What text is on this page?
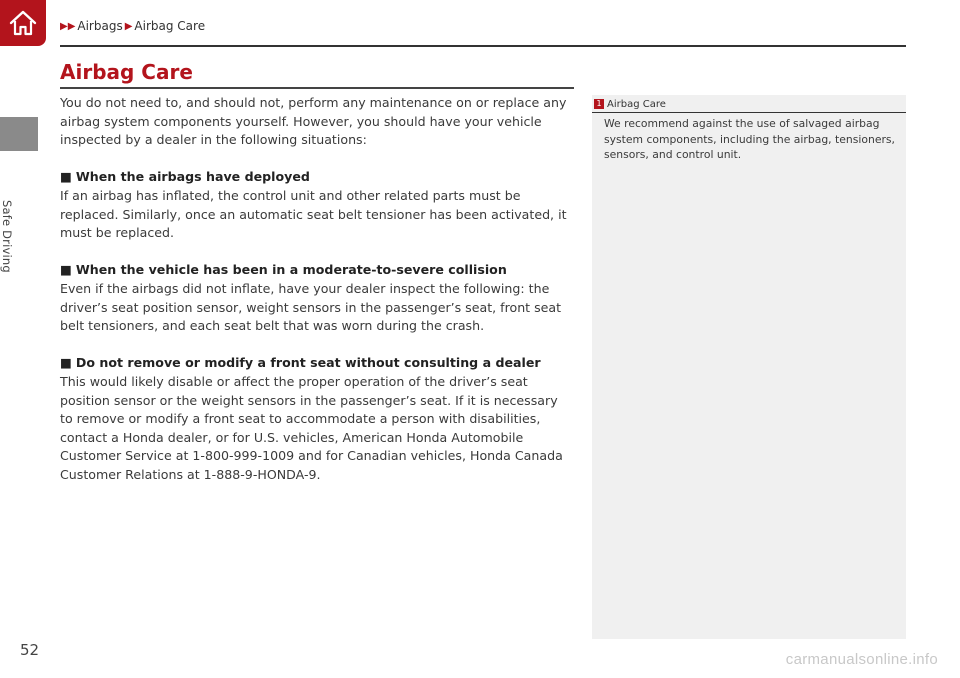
Safe Driving
▶▶ Airbags ▶ Airbag Care
Airbag Care

You do not need to, and should not, perform any maintenance on or replace any airbag system components yourself. However, you should have your vehicle inspected by a dealer in the following situations:

■ When the airbags have deployed

If an airbag has inflated, the control unit and other related parts must be replaced. Similarly, once an automatic seat belt tensioner has been activated, it must be replaced.

■ When the vehicle has been in a moderate-to-severe collision

Even if the airbags did not inflate, have your dealer inspect the following: the driver’s seat position sensor, weight sensors in the passenger’s seat, front seat belt tensioners, and each seat belt that was worn during the crash.

■ Do not remove or modify a front seat without consulting a dealer

This would likely disable or affect the proper operation of the driver’s seat position sensor or the weight sensors in the passenger’s seat. If it is necessary to remove or modify a front seat to accommodate a person with disabilities, contact a Honda dealer, or for U.S. vehicles, American Honda Automobile Customer Service at 1-800-999-1009 and for Canadian vehicles, Honda Canada Customer Relations at 1-888-9-HONDA-9.

1 Airbag Care
We recommend against the use of salvaged airbag system components, including the airbag, tensioners, sensors, and control unit.
52
carmanualsonline.info
